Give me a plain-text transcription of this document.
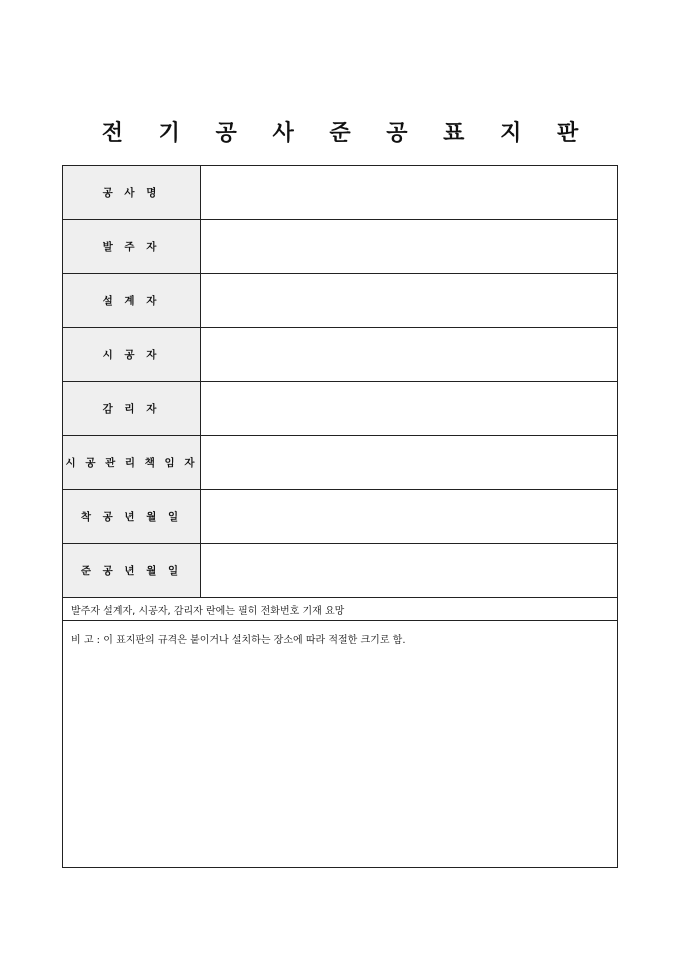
전 기 공 사 준 공 표 지 판
공 사 명	
발 주 자	
설 계 자	
시 공 자	
감 리 자	
시 공 관 리 책 임 자	
착 공 년 월 일	
준 공 년 월 일	
발주자 설계자, 시공자, 감리자 란에는 필히 전화번호 기재 요망	
비 고 : 이 표지판의 규격은 붙이거나 설치하는 장소에 따라 적절한 크기로 함.	
